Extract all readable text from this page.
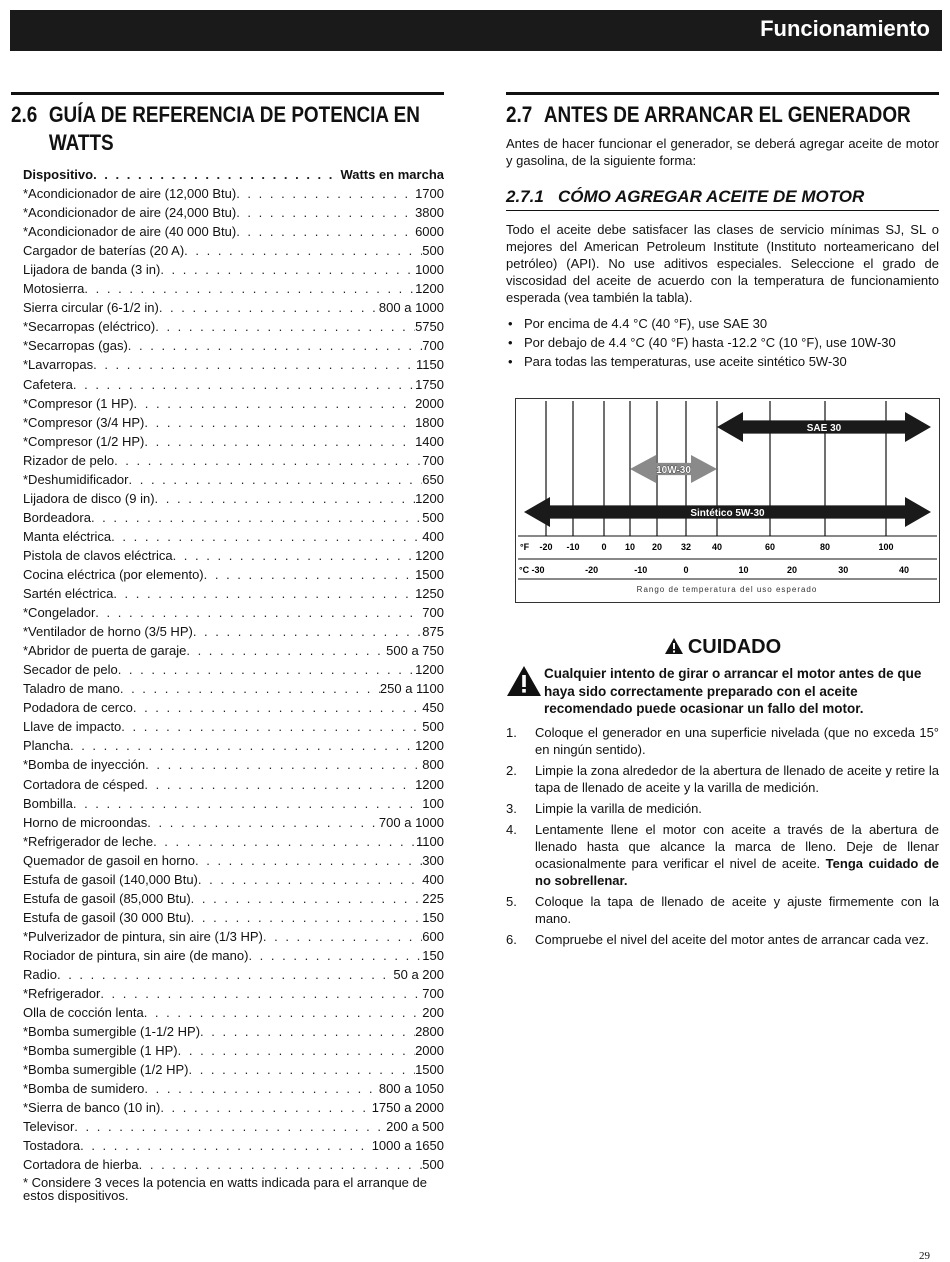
Funcionamiento
2.6 GUÍA DE REFERENCIA DE POTENCIA EN WATTS
Dispositivo . . .	Watts en marcha
*Acondicionador de aire (12,000 Btu) . . .	1700
*Acondicionador de aire (24,000 Btu) . . .	3800
*Acondicionador de aire (40 000 Btu) . . .	6000
Cargador de baterías (20 A) . . .	500
Lijadora de banda (3 in) . . .	1000
Motosierra . . .	1200
Sierra circular (6-1/2 in) . . .	800 a 1000
*Secarropas (eléctrico) . . .	5750
*Secarropas (gas) . . .	700
*Lavarropas . . .	1150
Cafetera . . .	1750
*Compresor (1 HP) . . .	2000
*Compresor (3/4 HP) . . .	1800
*Compresor (1/2 HP) . . .	1400
Rizador de pelo . . .	700
*Deshumidificador . . .	650
Lijadora de disco (9 in) . . .	1200
Bordeadora . . .	500
Manta eléctrica . . .	400
Pistola de clavos eléctrica . . .	1200
Cocina eléctrica (por elemento) . . .	1500
Sartén eléctrica . . .	1250
*Congelador . . .	700
*Ventilador de horno (3/5 HP) . . .	875
*Abridor de puerta de garaje . . .	500 a 750
Secador de pelo . . .	1200
Taladro de mano . . .	250 a 1100
Podadora de cerco . . .	450
Llave de impacto . . .	500
Plancha . . .	1200
*Bomba de inyección . . .	800
Cortadora de césped . . .	1200
Bombilla . . .	100
Horno de microondas . . .	700 a 1000
*Refrigerador de leche . . .	1100
Quemador de gasoil en horno . . .	300
Estufa de gasoil (140,000 Btu) . . .	400
Estufa de gasoil (85,000 Btu) . . .	225
Estufa de gasoil (30 000 Btu) . . .	150
*Pulverizador de pintura, sin aire (1/3 HP) . . .	600
Rociador de pintura, sin aire (de mano) . . .	150
Radio . . .	50 a 200
*Refrigerador . . .	700
Olla de cocción lenta . . .	200
*Bomba sumergible (1-1/2 HP) . . .	2800
*Bomba sumergible (1 HP) . . .	2000
*Bomba sumergible (1/2 HP) . . .	1500
*Bomba de sumidero . . .	800 a 1050
*Sierra de banco (10 in) . . .	1750 a 2000
Televisor . . .	200 a 500
Tostadora . . .	1000 a 1650
Cortadora de hierba . . .	500
* Considere 3 veces la potencia en watts indicada para el arranque de estos dispositivos.
2.7 ANTES DE ARRANCAR EL GENERADOR
Antes de hacer funcionar el generador, se deberá agregar aceite de motor y gasolina, de la siguiente forma:
2.7.1 CÓMO AGREGAR ACEITE DE MOTOR
Todo el aceite debe satisfacer las clases de servicio mínimas SJ, SL o mejores del American Petroleum Institute (Instituto norteamericano del petróleo) (API). No use aditivos especiales. Seleccione el grado de viscosidad del aceite de acuerdo con la temperatura de funcionamiento esperada (vea también la tabla).
• Por encima de 4.4 °C (40 °F), use SAE 30
• Por debajo de 4.4 °C (40 °F) hasta -12.2 °C (10 °F), use 10W-30
• Para todas las temperaturas, use aceite sintético 5W-30
SAE 30
10W-30
Sintético 5W-30
°F -20 -10 0 10 20 32 40	60	80	100
°C -30	-20	-10	0	10	20	30	40
Rango de temperatura del uso esperado
CUIDADO
Cualquier intento de girar o arrancar el motor antes de que haya sido correctamente preparado con el aceite recomendado puede ocasionar un fallo del motor.
1.	Coloque el generador en una superficie nivelada (que no exceda 15° en ningún sentido).
2.	Limpie la zona alrededor de la abertura de llenado de aceite y retire la tapa de llenado de aceite y la varilla de medición.
3.	Limpie la varilla de medición.
4.	Lentamente llene el motor con aceite a través de la abertura de llenado hasta que alcance la marca de lleno. Deje de llenar ocasionalmente para verificar el nivel de aceite. Tenga cuidado de no sobrellenar.
5.	Coloque la tapa de llenado de aceite y ajuste firmemente con la mano.
6.	Compruebe el nivel del aceite del motor antes de arrancar cada vez.
29
